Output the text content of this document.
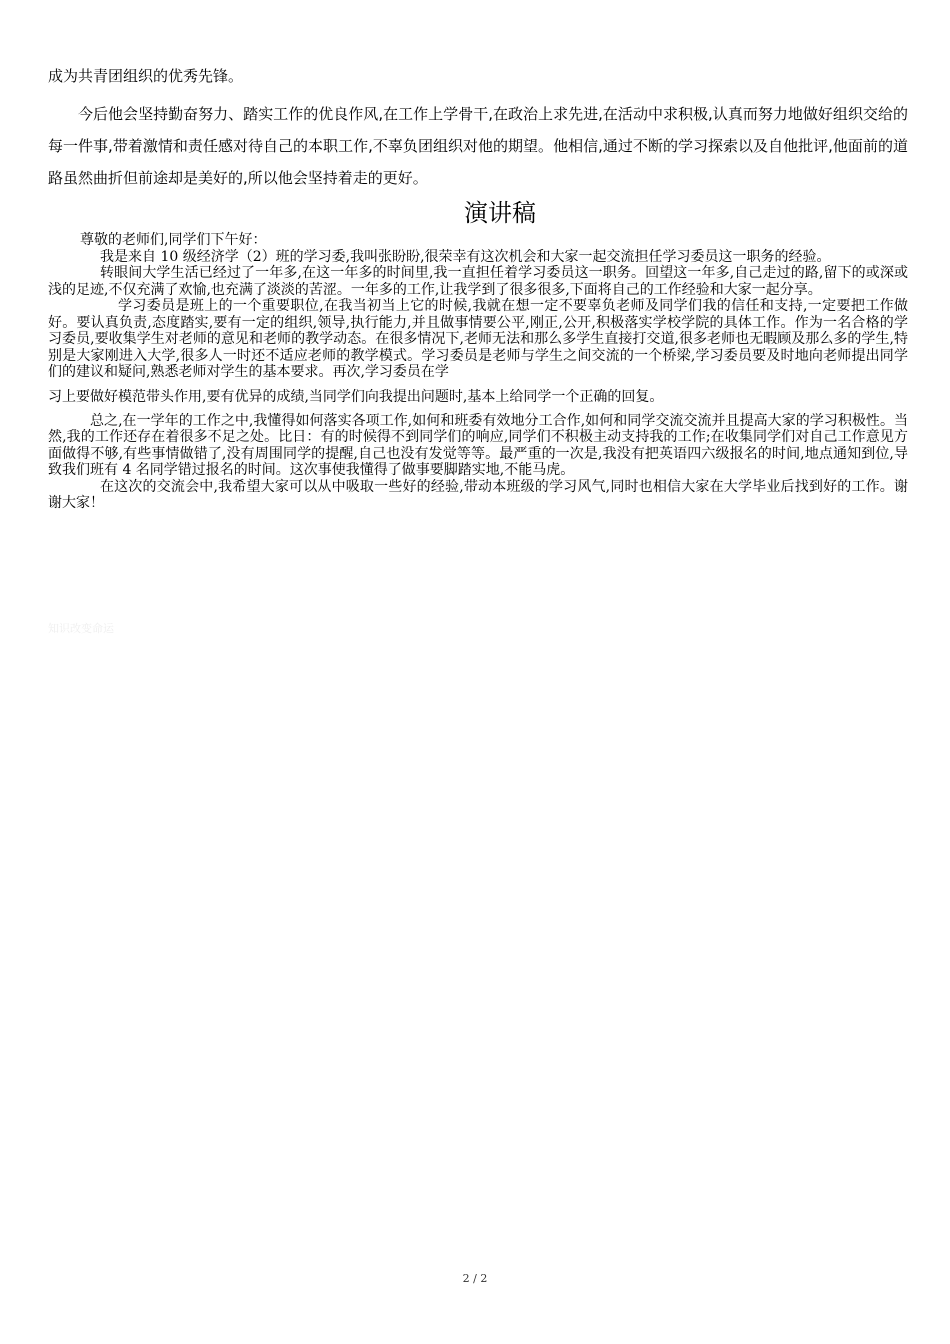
成为共青团组织的优秀先锋。

今后他会坚持勤奋努力、踏实工作的优良作风,在工作上学骨干,在政治上求先进,在活动中求积极,认真而努力地做好组织交给的每一件事,带着激情和责任感对待自己的本职工作,不辜负团组织对他的期望。他相信,通过不断的学习探索以及自他批评,他面前的道路虽然曲折但前途却是美好的,所以他会坚持着走的更好。

演讲稿

尊敬的老师们,同学们下午好：

我是来自 10 级经济学（2）班的学习委,我叫张盼盼,很荣幸有这次机会和大家一起交流担任学习委员这一职务的经验。

转眼间大学生活已经过了一年多,在这一年多的时间里,我一直担任着学习委员这一职务。回望这一年多,自己走过的路,留下的或深或浅的足迹,不仅充满了欢愉,也充满了淡淡的苦涩。一年多的工作,让我学到了很多很多,下面将自己的工作经验和大家一起分享。

学习委员是班上的一个重要职位,在我当初当上它的时候,我就在想一定不要辜负老师及同学们我的信任和支持,一定要把工作做好。要认真负责,态度踏实,要有一定的组织,领导,执行能力,并且做事情要公平,刚正,公开,积极落实学校学院的具体工作。作为一名合格的学习委员,要收集学生对老师的意见和老师的教学动态。在很多情况下,老师无法和那么多学生直接打交道,很多老师也无暇顾及那么多的学生,特别是大家刚进入大学,很多人一时还不适应老师的教学模式。学习委员是老师与学生之间交流的一个桥梁,学习委员要及时地向老师提出同学们的建议和疑问,熟悉老师对学生的基本要求。再次,学习委员在学

习上要做好模范带头作用,要有优异的成绩,当同学们向我提出问题时,基本上给同学一个正确的回复。

总之,在一学年的工作之中,我懂得如何落实各项工作,如何和班委有效地分工合作,如何和同学交流交流并且提高大家的学习积极性。当然,我的工作还存在着很多不足之处。比日：有的时候得不到同学们的响应,同学们不积极主动支持我的工作;在收集同学们对自己工作意见方面做得不够,有些事情做错了,没有周围同学的提醒,自己也没有发觉等等。最严重的一次是,我没有把英语四六级报名的时间,地点通知到位,导致我们班有 4 名同学错过报名的时间。这次事使我懂得了做事要脚踏实地,不能马虎。

在这次的交流会中,我希望大家可以从中吸取一些好的经验,带动本班级的学习风气,同时也相信大家在大学毕业后找到好的工作。谢谢大家！

知识改变命运
2 / 2
